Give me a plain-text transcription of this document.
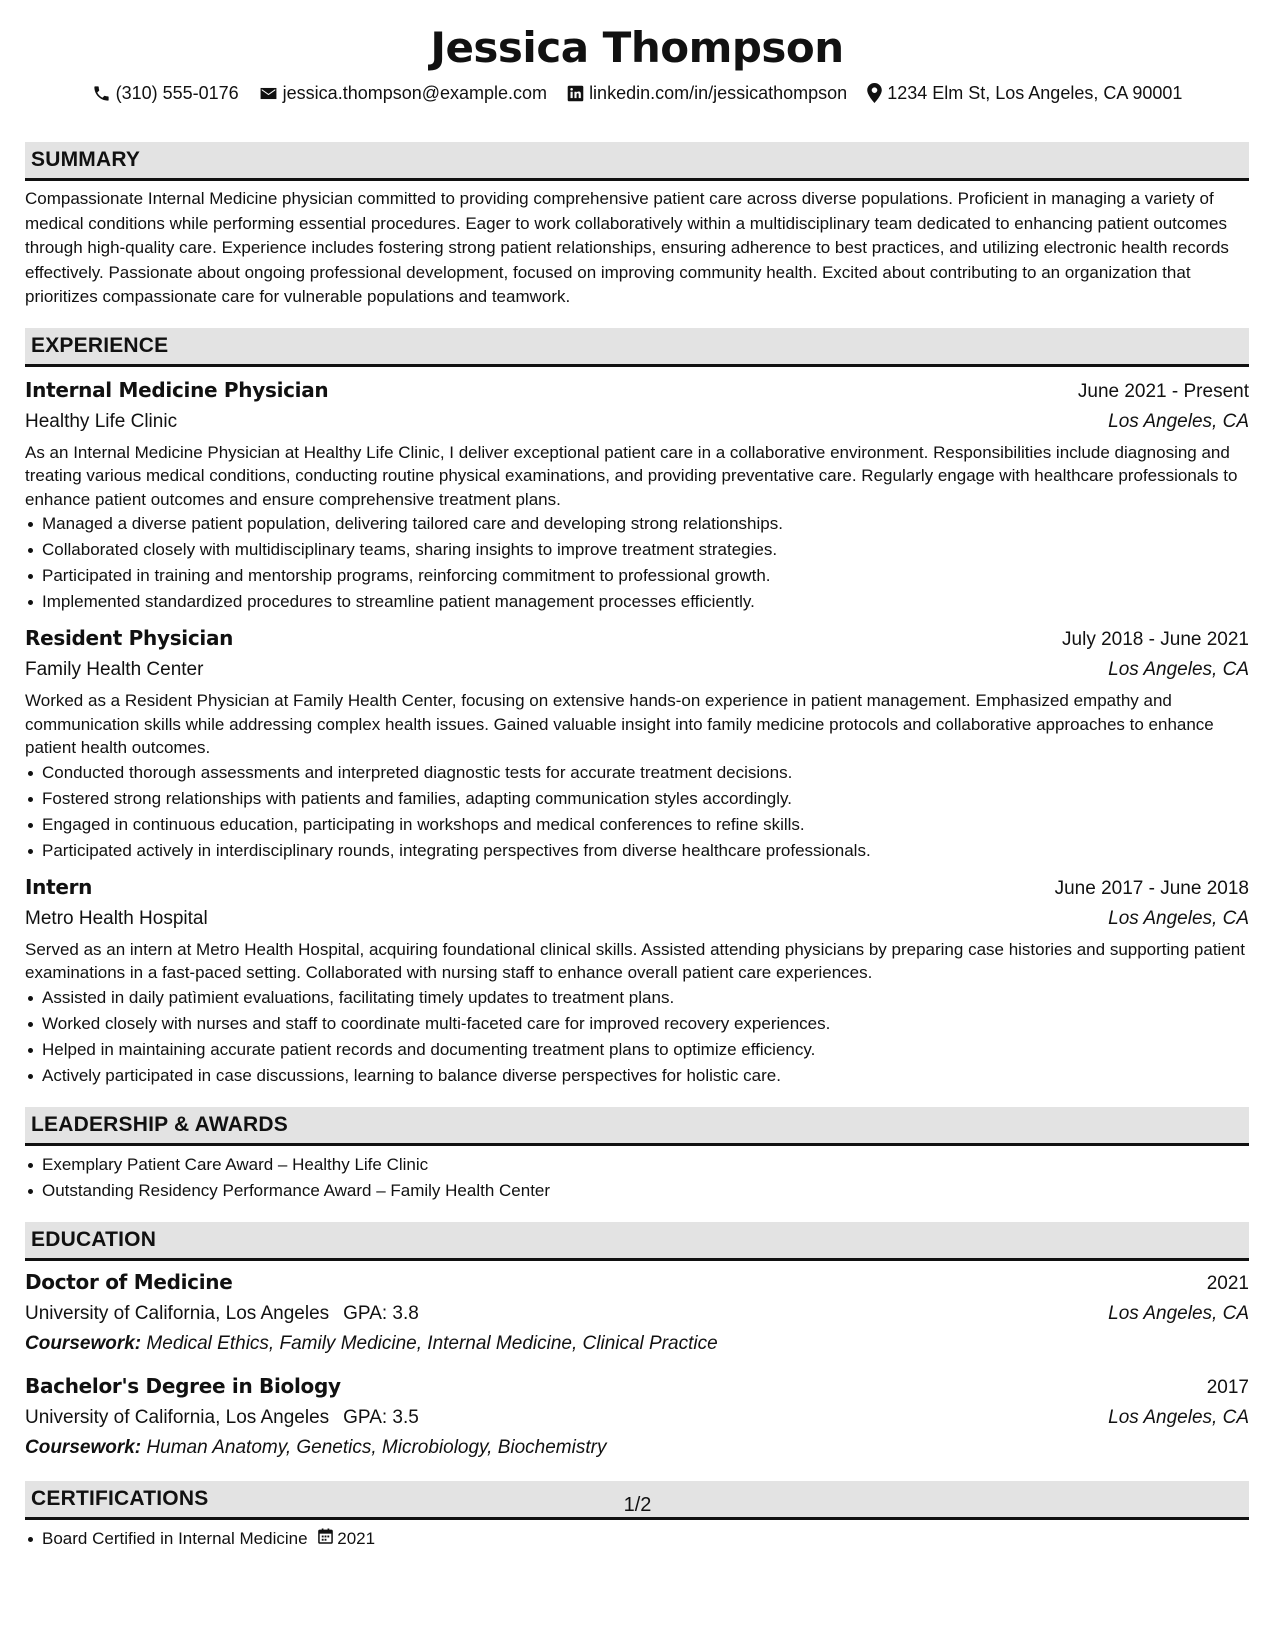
Jessica Thompson
(310) 555-0176 jessica.thompson@example.com linkedin.com/in/jessicathompson 1234 Elm St, Los Angeles, CA 90001
SUMMARY

Compassionate Internal Medicine physician committed to providing comprehensive patient care across diverse populations. Proficient in managing a variety of medical conditions while performing essential procedures. Eager to work collaboratively within a multidisciplinary team dedicated to enhancing patient outcomes through high-quality care. Experience includes fostering strong patient relationships, ensuring adherence to best practices, and utilizing electronic health records effectively. Passionate about ongoing professional development, focused on improving community health. Excited about contributing to an organization that prioritizes compassionate care for vulnerable populations and teamwork.

EXPERIENCE
Internal Medicine Physician	June 2021 - Present
Healthy Life Clinic	Los Angeles, CA
As an Internal Medicine Physician at Healthy Life Clinic, I deliver exceptional patient care in a collaborative environment. Responsibilities include diagnosing and treating various medical conditions, conducting routine physical examinations, and providing preventative care. Regularly engage with healthcare professionals to enhance patient outcomes and ensure comprehensive treatment plans.
Managed a diverse patient population, delivering tailored care and developing strong relationships.
Collaborated closely with multidisciplinary teams, sharing insights to improve treatment strategies.
Participated in training and mentorship programs, reinforcing commitment to professional growth.
Implemented standardized procedures to streamline patient management processes efficiently.
Resident Physician	July 2018 - June 2021
Family Health Center	Los Angeles, CA
Worked as a Resident Physician at Family Health Center, focusing on extensive hands-on experience in patient management. Emphasized empathy and communication skills while addressing complex health issues. Gained valuable insight into family medicine protocols and collaborative approaches to enhance patient health outcomes.
Conducted thorough assessments and interpreted diagnostic tests for accurate treatment decisions.
Fostered strong relationships with patients and families, adapting communication styles accordingly.
Engaged in continuous education, participating in workshops and medical conferences to refine skills.
Participated actively in interdisciplinary rounds, integrating perspectives from diverse healthcare professionals.
Intern	June 2017 - June 2018
Metro Health Hospital	Los Angeles, CA
Served as an intern at Metro Health Hospital, acquiring foundational clinical skills. Assisted attending physicians by preparing case histories and supporting patient examinations in a fast-paced setting. Collaborated with nursing staff to enhance overall patient care experiences.
Assisted in daily patìmient evaluations, facilitating timely updates to treatment plans.
Worked closely with nurses and staff to coordinate multi-faceted care for improved recovery experiences.
Helped in maintaining accurate patient records and documenting treatment plans to optimize efficiency.
Actively participated in case discussions, learning to balance diverse perspectives for holistic care.
LEADERSHIP & AWARDS
Exemplary Patient Care Award – Healthy Life Clinic
Outstanding Residency Performance Award – Family Health Center
EDUCATION
Doctor of Medicine	2021
University of California, Los Angeles GPA: 3.8	Los Angeles, CA
Coursework: Medical Ethics, Family Medicine, Internal Medicine, Clinical Practice
Bachelor's Degree in Biology	2017
University of California, Los Angeles GPA: 3.5	Los Angeles, CA
Coursework: Human Anatomy, Genetics, Microbiology, Biochemistry
CERTIFICATIONS
Board Certified in Internal Medicine 2021
1/2
